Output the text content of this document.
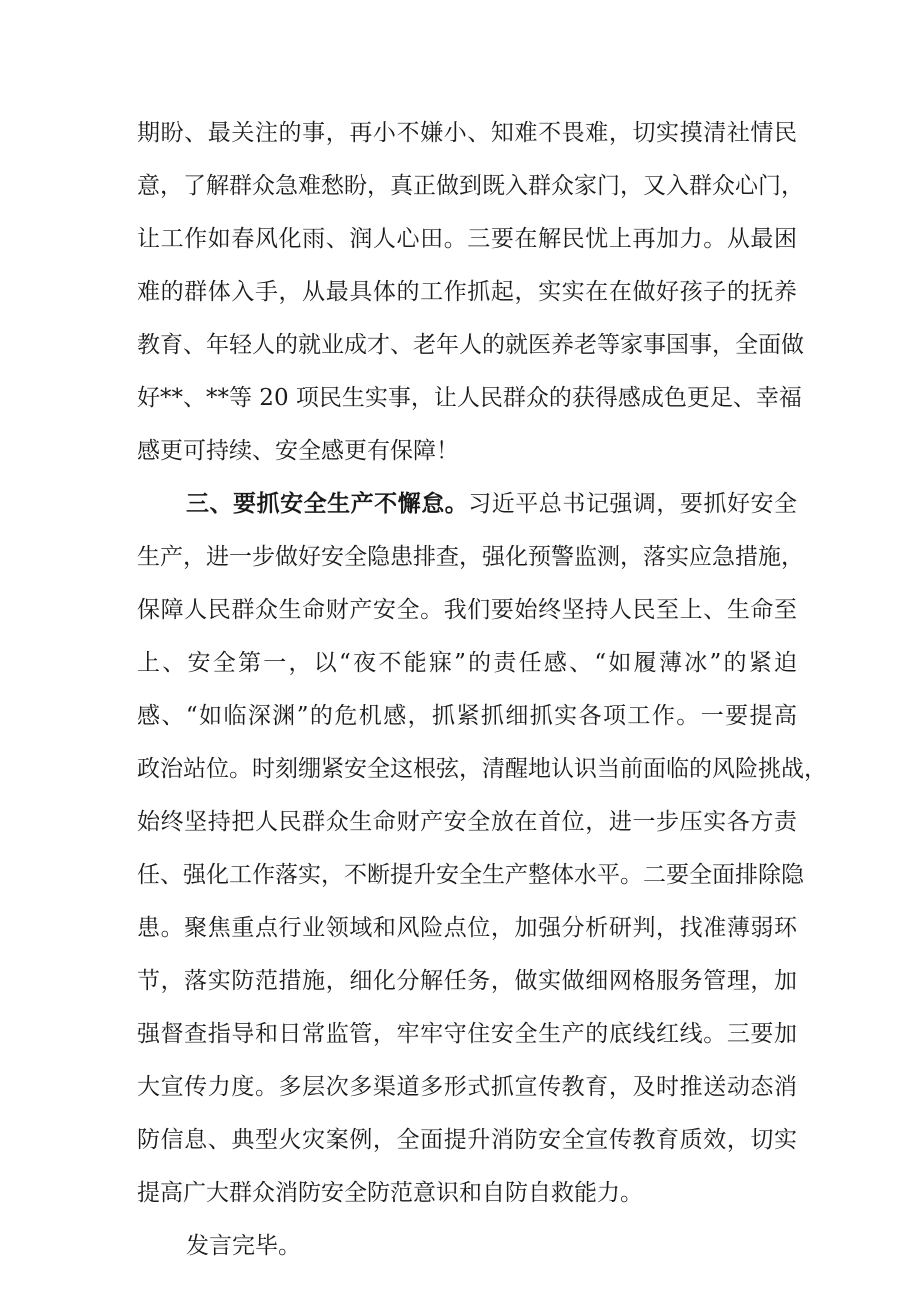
期盼、最关注的事，再小不嫌小、知难不畏难，切实摸清社情民
意，了解群众急难愁盼，真正做到既入群众家门，又入群众心门，
让工作如春风化雨、润人心田。三要在解民忧上再加力。从最困
难的群体入手，从最具体的工作抓起，实实在在做好孩子的抚养
教育、年轻人的就业成才、老年人的就医养老等家事国事，全面做
好**、**等 20 项民生实事，让人民群众的获得感成色更足、幸福
感更可持续、安全感更有保障！
三、要抓安全生产不懈怠。习近平总书记强调，要抓好安全
生产，进一步做好安全隐患排查，强化预警监测，落实应急措施，
保障人民群众生命财产安全。我们要始终坚持人民至上、生命至
上、安全第一，以“夜不能寐”的责任感、“如履薄冰”的紧迫
感、“如临深渊”的危机感，抓紧抓细抓实各项工作。一要提高
政治站位。时刻绷紧安全这根弦，清醒地认识当前面临的风险挑战，
始终坚持把人民群众生命财产安全放在首位，进一步压实各方责
任、强化工作落实，不断提升安全生产整体水平。二要全面排除隐
患。聚焦重点行业领域和风险点位，加强分析研判，找准薄弱环
节，落实防范措施，细化分解任务，做实做细网格服务管理，加
强督查指导和日常监管，牢牢守住安全生产的底线红线。三要加
大宣传力度。多层次多渠道多形式抓宣传教育，及时推送动态消
防信息、典型火灾案例，全面提升消防安全宣传教育质效，切实
提高广大群众消防安全防范意识和自防自救能力。
发言完毕。
